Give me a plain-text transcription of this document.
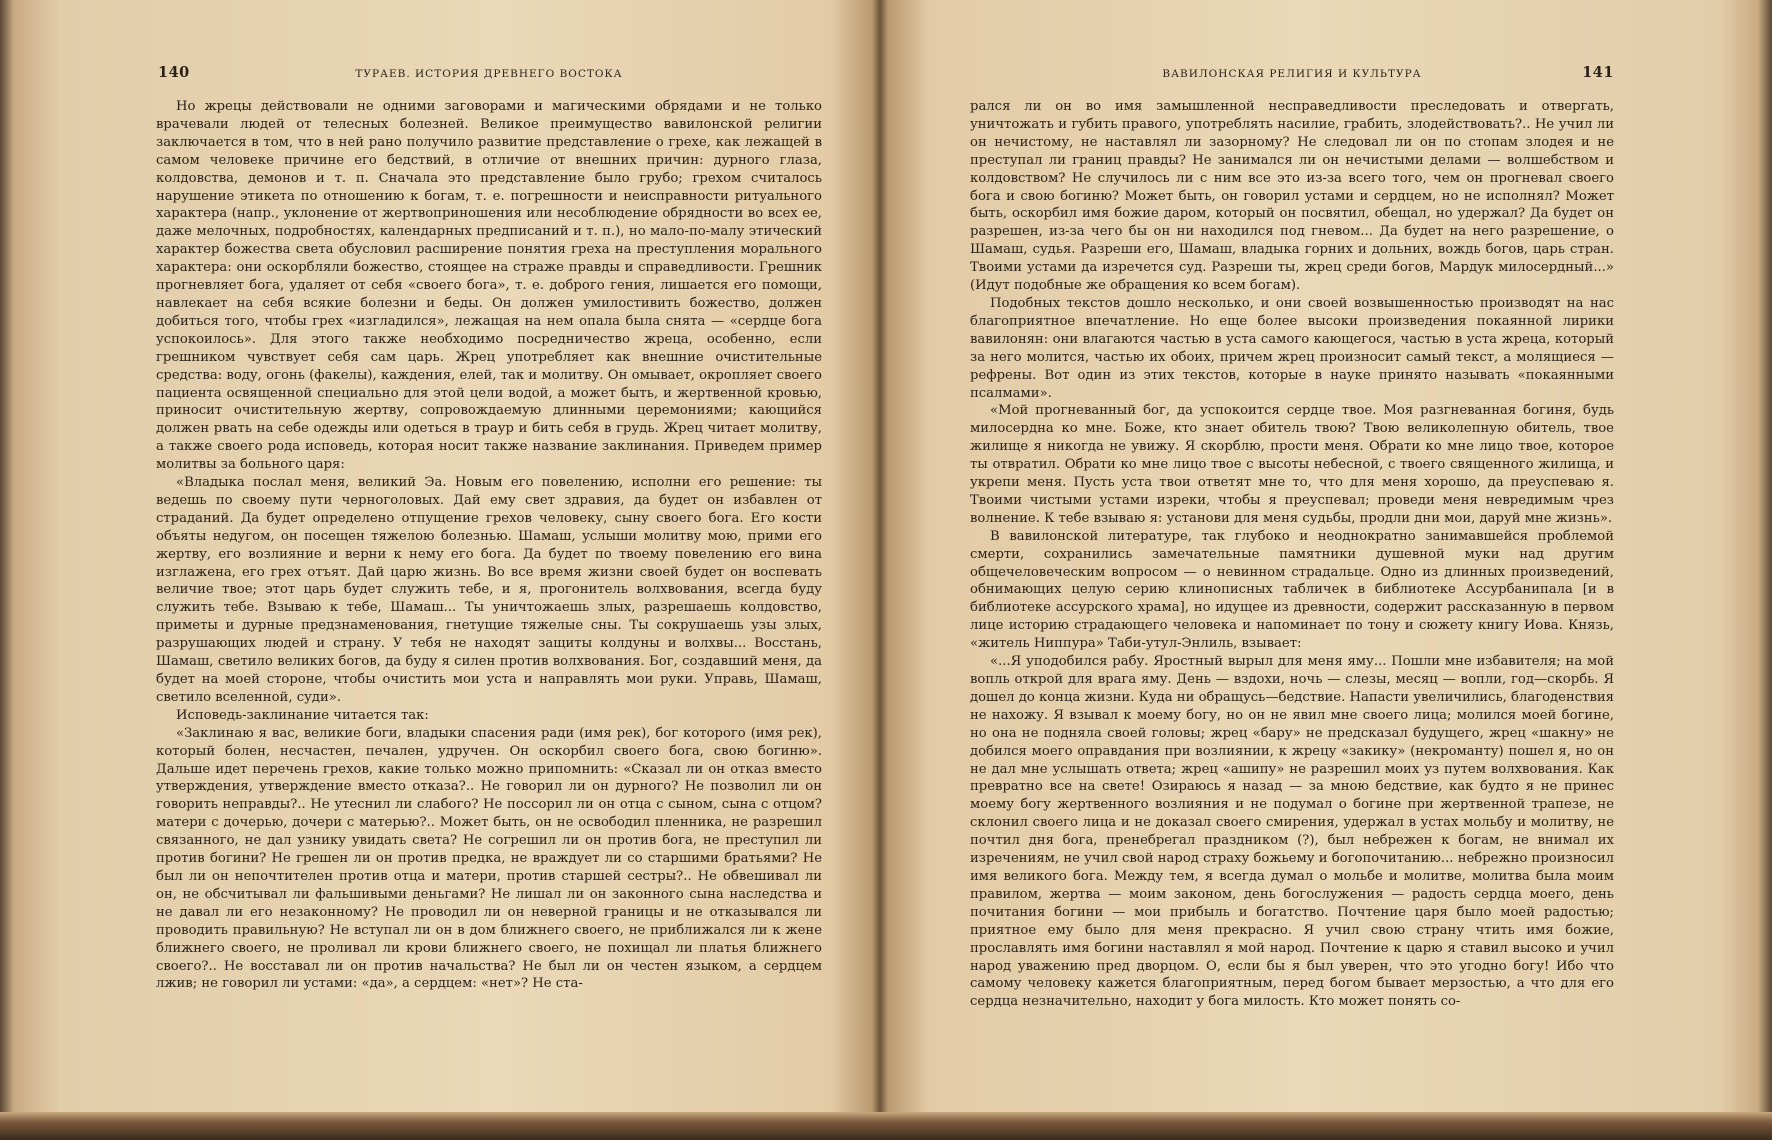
140	ТУРАЕВ. ИСТОРИЯ ДРЕВНЕГО ВОСТОКА

Но жрецы действовали не одними заговорами и магическими обрядами и не только врачевали людей от телесных болезней. Великое преимущество вавилонской религии заключается в том, что в ней рано получило развитие представление о грехе, как лежащей в самом человеке причине его бедствий, в отличие от внешних причин: дурного глаза, колдовства, демонов и т. п. Сначала это представление было грубо; грехом считалось нарушение этикета по отношению к богам, т. е. погрешности и неисправности ритуального характера (напр., уклонение от жертвоприношения или несоблюдение обрядности во всех ее, даже мелочных, подробностях, календарных предписаний и т. п.), но мало-по-малу этический характер божества света обусловил расширение понятия греха на преступления морального характера: они оскорбляли божество, стоящее на страже правды и справедливости. Грешник прогневляет бога, удаляет от себя «своего бога», т. е. доброго гения, лишается его помощи, навлекает на себя всякие болезни и беды. Он должен умилостивить божество, должен добиться того, чтобы грех «изгладился», лежащая на нем опала была снята — «сердце бога успокоилось». Для этого также необходимо посредничество жреца, особенно, если грешником чувствует себя сам царь. Жрец употребляет как внешние очистительные средства: воду, огонь (факелы), каждения, елей, так и молитву. Он омывает, окропляет своего пациента освященной специально для этой цели водой, а может быть, и жертвенной кровью, приносит очистительную жертву, сопровождаемую длинными церемониями; кающийся должен рвать на себе одежды или одеться в траур и бить себя в грудь. Жрец читает молитву, а также своего рода исповедь, которая носит также название заклинания. Приведем пример молитвы за больного царя:

«Владыка послал меня, великий Эа. Новым его повелению, исполни его решение: ты ведешь по своему пути черноголовых. Дай ему свет здравия, да будет он избавлен от страданий. Да будет определено отпущение грехов человеку, сыну своего бога. Его кости объяты недугом, он посещен тяжелою болезнью. Шамаш, услыши молитву мою, прими его жертву, его возлияние и верни к нему его бога. Да будет по твоему повелению его вина изглажена, его грех отъят. Дай царю жизнь. Во все время жизни своей будет он воспевать величие твое; этот царь будет служить тебе, и я, прогонитель волхвования, всегда буду служить тебе. Взываю к тебе, Шамаш... Ты уничтожаешь злых, разрешаешь колдовство, приметы и дурные предзнаменования, гнетущие тяжелые сны. Ты сокрушаешь узы злых, разрушающих людей и страну. У тебя не находят защиты колдуны и волхвы... Восстань, Шамаш, светило великих богов, да буду я силен против волхвования. Бог, создавший меня, да будет на моей стороне, чтобы очистить мои уста и направлять мои руки. Управь, Шамаш, светило вселенной, суди».

Исповедь-заклинание читается так:

«Заклинаю я вас, великие боги, владыки спасения ради (имя рек), бог которого (имя рек), который болен, несчастен, печален, удручен. Он оскорбил своего бога, свою богиню». Дальше идет перечень грехов, какие только можно припомнить: «Сказал ли он отказ вместо утверждения, утверждение вместо отказа?.. Не говорил ли он дурного? Не позволил ли он говорить неправды?.. Не утеснил ли слабого? Не поссорил ли он отца с сыном, сына с отцом? матери с дочерью, дочери с матерью?.. Может быть, он не освободил пленника, не разрешил связанного, не дал узнику увидать света? Не согрешил ли он против бога, не преступил ли против богини? Не грешен ли он против предка, не враждует ли со старшими братьями? Не был ли он непочтителен против отца и матери, против старшей сестры?.. Не обвешивал ли он, не обсчитывал ли фальшивыми деньгами? Не лишал ли он законного сына наследства и не давал ли его незаконному? Не проводил ли он неверной границы и не отказывался ли проводить правильную? Не вступал ли он в дом ближнего своего, не приближался ли к жене ближнего своего, не проливал ли крови ближнего своего, не похищал ли платья ближнего своего?.. Не восставал ли он против начальства? Не был ли он честен языком, а сердцем лжив; не говорил ли устами: «да», а сердцем: «нет»? Не ста-

ВАВИЛОНСКАЯ РЕЛИГИЯ И КУЛЬТУРА	141

рался ли он во имя замышленной несправедливости преследовать и отвергать, уничтожать и губить правого, употреблять насилие, грабить, злодействовать?.. Не учил ли он нечистому, не наставлял ли зазорному? Не следовал ли он по стопам злодея и не преступал ли границ правды? Не занимался ли он нечистыми делами — волшебством и колдовством? Не случилось ли с ним все это из-за всего того, чем он прогневал своего бога и свою богиню? Может быть, он говорил устами и сердцем, но не исполнял? Может быть, оскорбил имя божие даром, который он посвятил, обещал, но удержал? Да будет он разрешен, из-за чего бы он ни находился под гневом... Да будет на него разрешение, о Шамаш, судья. Разреши его, Шамаш, владыка горних и дольних, вождь богов, царь стран. Твоими устами да изречется суд. Разреши ты, жрец среди богов, Мардук милосердный...» (Идут подобные же обращения ко всем богам).

Подобных текстов дошло несколько, и они своей возвышенностью производят на нас благоприятное впечатление. Но еще более высоки произведения покаянной лирики вавилонян: они влагаются частью в уста самого кающегося, частью в уста жреца, который за него молится, частью их обоих, причем жрец произносит самый текст, а молящиеся — рефрены. Вот один из этих текстов, которые в науке принято называть «покаянными псалмами».

«Мой прогневанный бог, да успокоится сердце твое. Моя разгневанная богиня, будь милосердна ко мне. Боже, кто знает обитель твою? Твою великолепную обитель, твое жилище я никогда не увижу. Я скорблю, прости меня. Обрати ко мне лицо твое, которое ты отвратил. Обрати ко мне лицо твое с высоты небесной, с твоего священного жилища, и укрепи меня. Пусть уста твои ответят мне то, что для меня хорошо, да преуспеваю я. Твоими чистыми устами изреки, чтобы я преуспевал; проведи меня невредимым чрез волнение. К тебе взываю я: установи для меня судьбы, продли дни мои, даруй мне жизнь».

В вавилонской литературе, так глубоко и неоднократно занимавшейся проблемой смерти, сохранились замечательные памятники душевной муки над другим общечеловеческим вопросом — о невинном страдальце. Одно из длинных произведений, обнимающих целую серию клинописных табличек в библиотеке Ассурбанипала [и в библиотеке ассурского храма], но идущее из древности, содержит рассказанную в первом лице историю страдающего человека и напоминает по тону и сюжету книгу Иова. Князь, «житель Ниппура» Таби-утул-Энлиль, взывает:

«...Я уподобился рабу. Яростный вырыл для меня яму... Пошли мне избавителя; на мой вопль открой для врага яму. День — вздохи, ночь — слезы, месяц — вопли, год—скорбь. Я дошел до конца жизни. Куда ни обращусь—бедствие. Напасти увеличились, благоденствия не нахожу. Я взывал к моему богу, но он не явил мне своего лица; молился моей богине, но она не подняла своей головы; жрец «бару» не предсказал будущего, жрец «шакну» не добился моего оправдания при возлиянии, к жрецу «закику» (некроманту) пошел я, но он не дал мне услышать ответа; жрец «ашипу» не разрешил моих уз путем волхвования. Как превратно все на свете! Озираюсь я назад — за мною бедствие, как будто я не принес моему богу жертвенного возлияния и не подумал о богине при жертвенной трапезе, не склонил своего лица и не доказал своего смирения, удержал в устах мольбу и молитву, не почтил дня бога, пренебрегал праздником (?), был небрежен к богам, не внимал их изречениям, не учил свой народ страху божьему и богопочитанию... небрежно произносил имя великого бога. Между тем, я всегда думал о мольбе и молитве, молитва была моим правилом, жертва — моим законом, день богослужения — радость сердца моего, день почитания богини — мои прибыль и богатство. Почтение царя было моей радостью; приятное ему было для меня прекрасно. Я учил свою страну чтить имя божие, прославлять имя богини наставлял я мой народ. Почтение к царю я ставил высоко и учил народ уважению пред дворцом. О, если бы я был уверен, что это угодно богу! Ибо что самому человеку кажется благоприятным, перед богом бывает мерзостью, а что для его сердца незначительно, находит у бога милость. Кто может понять со-
